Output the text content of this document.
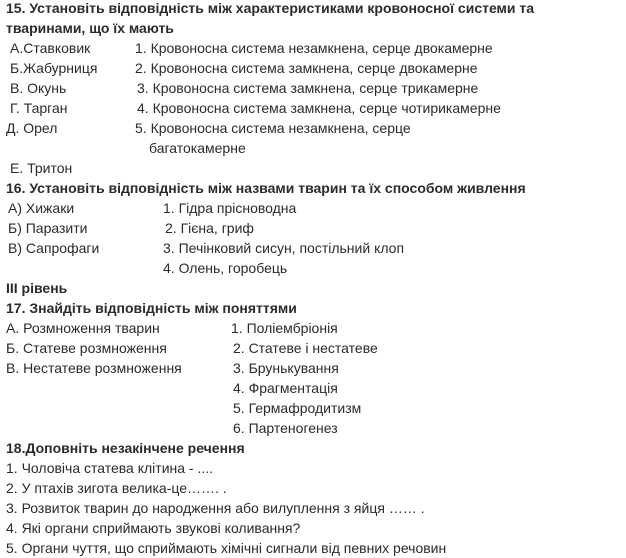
15. Установіть відповідність між характеристиками кровоносної системи та
тваринами, що їх мають
А.Ставковик
Б.Жабурниця
В. Окунь
Г. Тарган
Д. Орел
Е. Тритон
1. Кровоносна система незамкнена, серце двокамерне
2. Кровоносна система замкнена, серце двокамерне
3. Кровоносна система замкнена, серце трикамерне
4. Кровоносна система замкнена, серце чотирикамерне
5. Кровоносна система незамкнена, серце
багатокамерне
16. Установіть відповідність між назвами тварин та їх способом живлення
А) Хижаки
Б) Паразити
В) Сапрофаги
1. Гідра прісноводна
2. Гієна, гриф
3. Печінковий сисун, постільний клоп
4. Олень, горобець
ІІІ рівень
17. Знайдіть відповідність між поняттями
А. Розмноження тварин
Б. Статеве розмноження
В. Нестатеве розмноження
1. Поліембріонія
2. Статеве і нестатеве
3. Брунькування
4. Фрагментація
5. Гермафродитизм
6. Партеногенез
18.Доповніть незакінчене речення
1. Чоловіча статева клітина - ....
2. У птахів зигота велика-це……. .
3. Розвиток тварин до народження або вилуплення з яйця …… .
4. Які органи сприймають звукові коливання?
5. Органи чуття, що сприймають хімічні сигнали від певних речовин
